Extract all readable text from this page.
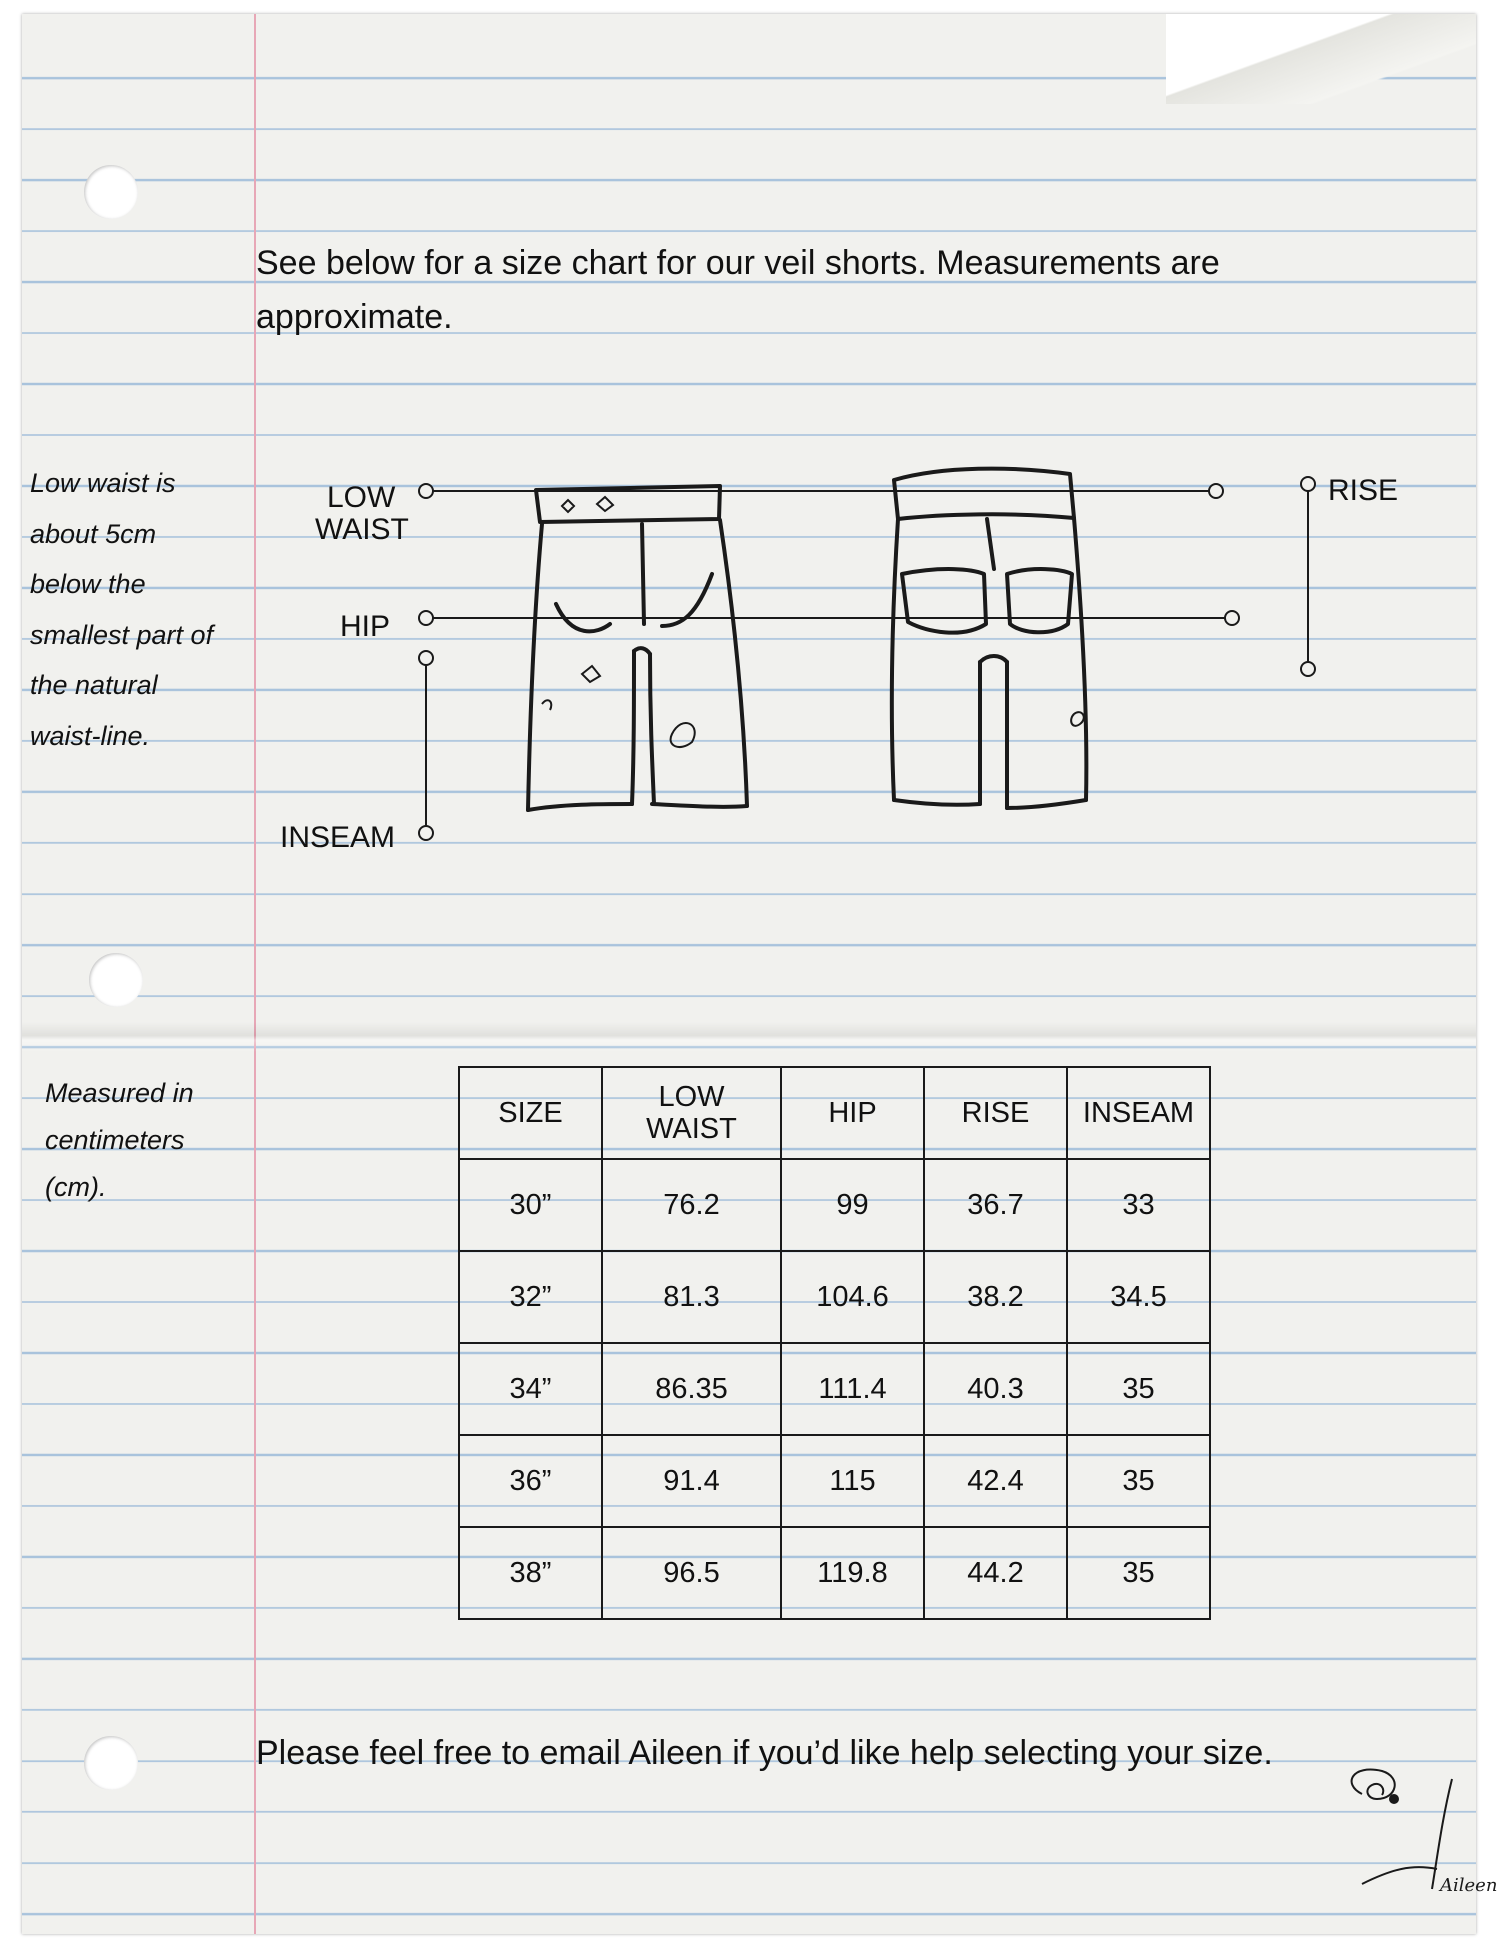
See below for a size chart for our veil shorts. Measurements are approximate.

Low waist is
about 5cm
below the
smallest part of
the natural
waist-line.
LOW
WAIST
HIP
INSEAM
RISE
Measured in
centimeters
(cm).
SIZE	LOW WAIST	HIP	RISE	INSEAM
30”	76.2	99	36.7	33
32”	81.3	104.6	38.2	34.5
34”	86.35	111.4	40.3	35
36”	91.4	115	42.4	35
38”	96.5	119.8	44.2	35

Please feel free to email Aileen if you’d like help selecting your size.

Aileen
